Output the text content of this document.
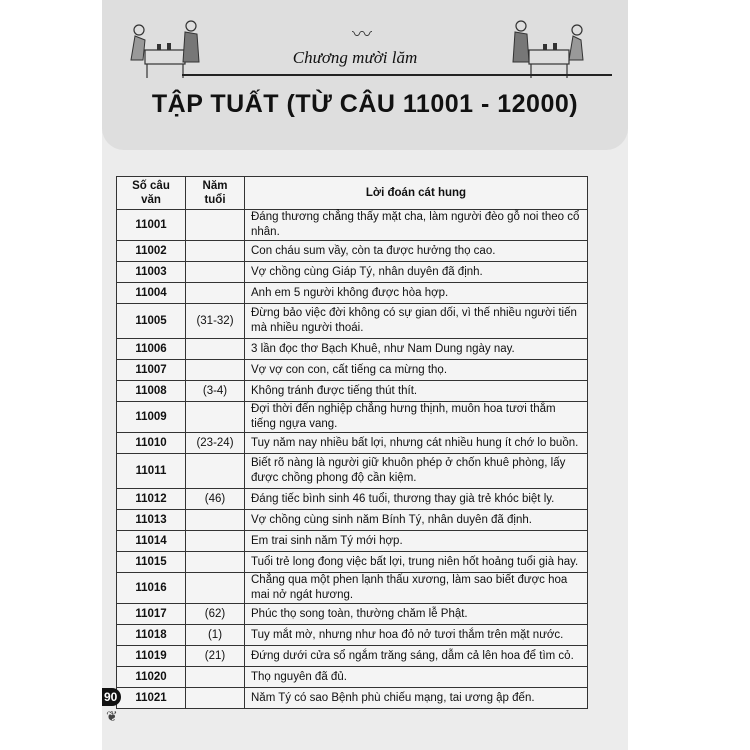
〰
Chương mười lăm
TẬP TUẤT (TỪ CÂU 11001 - 12000)
Số câu văn	Năm tuổi	Lời đoán cát hung
11001		Đáng thương chẳng thấy mặt cha, làm người đèo gỗ noi theo cổ nhân.
11002		Con cháu sum vầy, còn ta được hưởng thọ cao.
11003		Vợ chồng cùng Giáp Tý, nhân duyên đã định.
11004		Anh em 5 người không được hòa hợp.
11005	(31-32)	Đừng bảo việc đời không có sự gian dối, vì thế nhiều người tiến mà nhiều người thoái.
11006		3 lần đọc thơ Bạch Khuê, như Nam Dung ngày nay.
11007		Vợ vợ con con, cất tiếng ca mừng thọ.
11008	(3-4)	Không tránh được tiếng thút thít.
11009		Đợi thời đến nghiệp chẳng hưng thịnh, muôn hoa tươi thắm tiếng ngựa vang.
11010	(23-24)	Tuy năm nay nhiều bất lợi, nhưng cát nhiều hung ít chớ lo buồn.
11011		Biết rõ nàng là người giữ khuôn phép ở chốn khuê phòng, lấy được chồng phong độ cần kiệm.
11012	(46)	Đáng tiếc bình sinh 46 tuổi, thương thay già trẻ khóc biệt ly.
11013		Vợ chồng cùng sinh năm Bính Tý, nhân duyên đã định.
11014		Em trai sinh năm Tý mới hợp.
11015		Tuổi trẻ long đong việc bất lợi, trung niên hốt hoảng tuổi già hay.
11016		Chẳng qua một phen lạnh thấu xương, làm sao biết được hoa mai nở ngát hương.
11017	(62)	Phúc thọ song toàn, thường chăm lễ Phật.
11018	(1)	Tuy mắt mờ, nhưng như hoa đỏ nở tươi thắm trên mặt nước.
11019	(21)	Đứng dưới cửa sổ ngắm trăng sáng, dẫm cả lên hoa để tìm cỏ.
11020		Thọ nguyên đã đủ.
11021		Năm Tý có sao Bệnh phù chiếu mạng, tai ương ập đến.
90
❦
